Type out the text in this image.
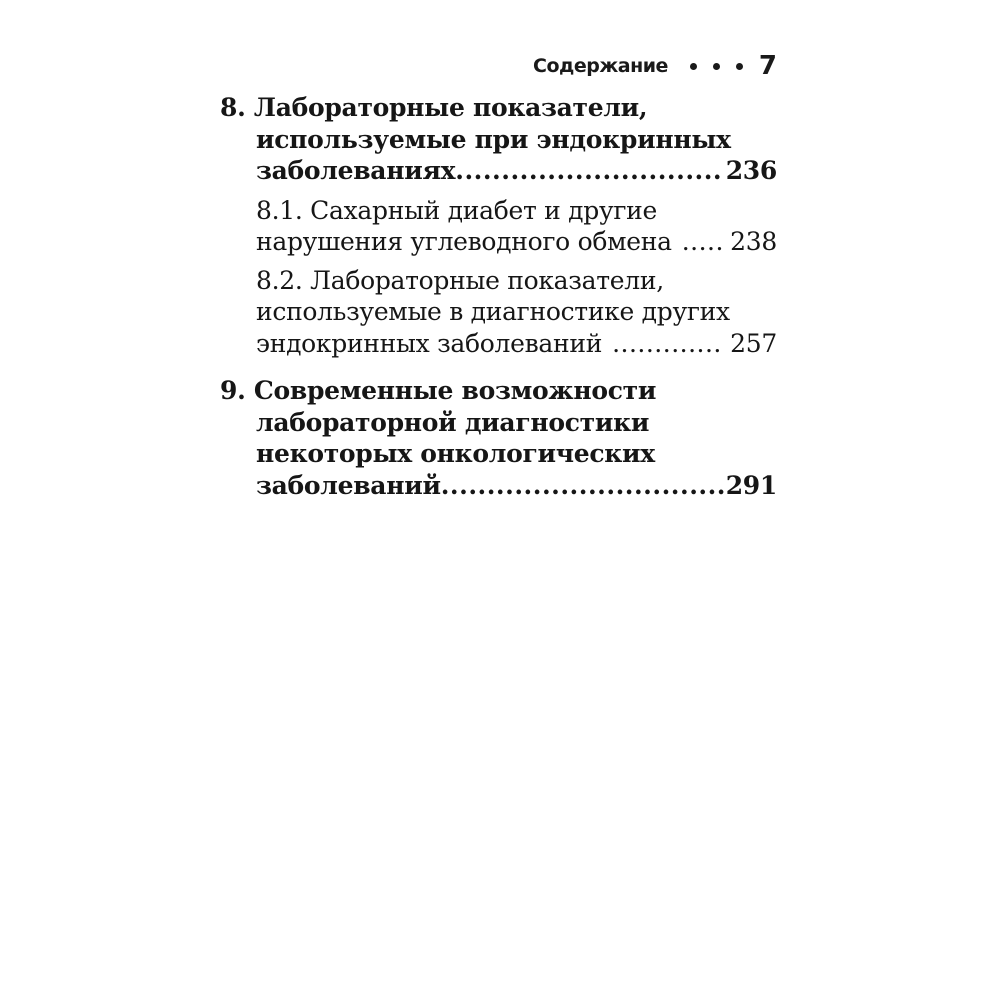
Содержание	7
8. Лабораторные показатели,
используемые при эндокринных
заболеваниях .....	236
8.1. Сахарный диабет и другие
нарушения углеводного обмена .....	238
8.2. Лабораторные показатели,
используемые в диагностике других
эндокринных заболеваний .....	257
9. Современные возможности
лабораторной диагностики
некоторых онкологических
заболеваний .....	291
